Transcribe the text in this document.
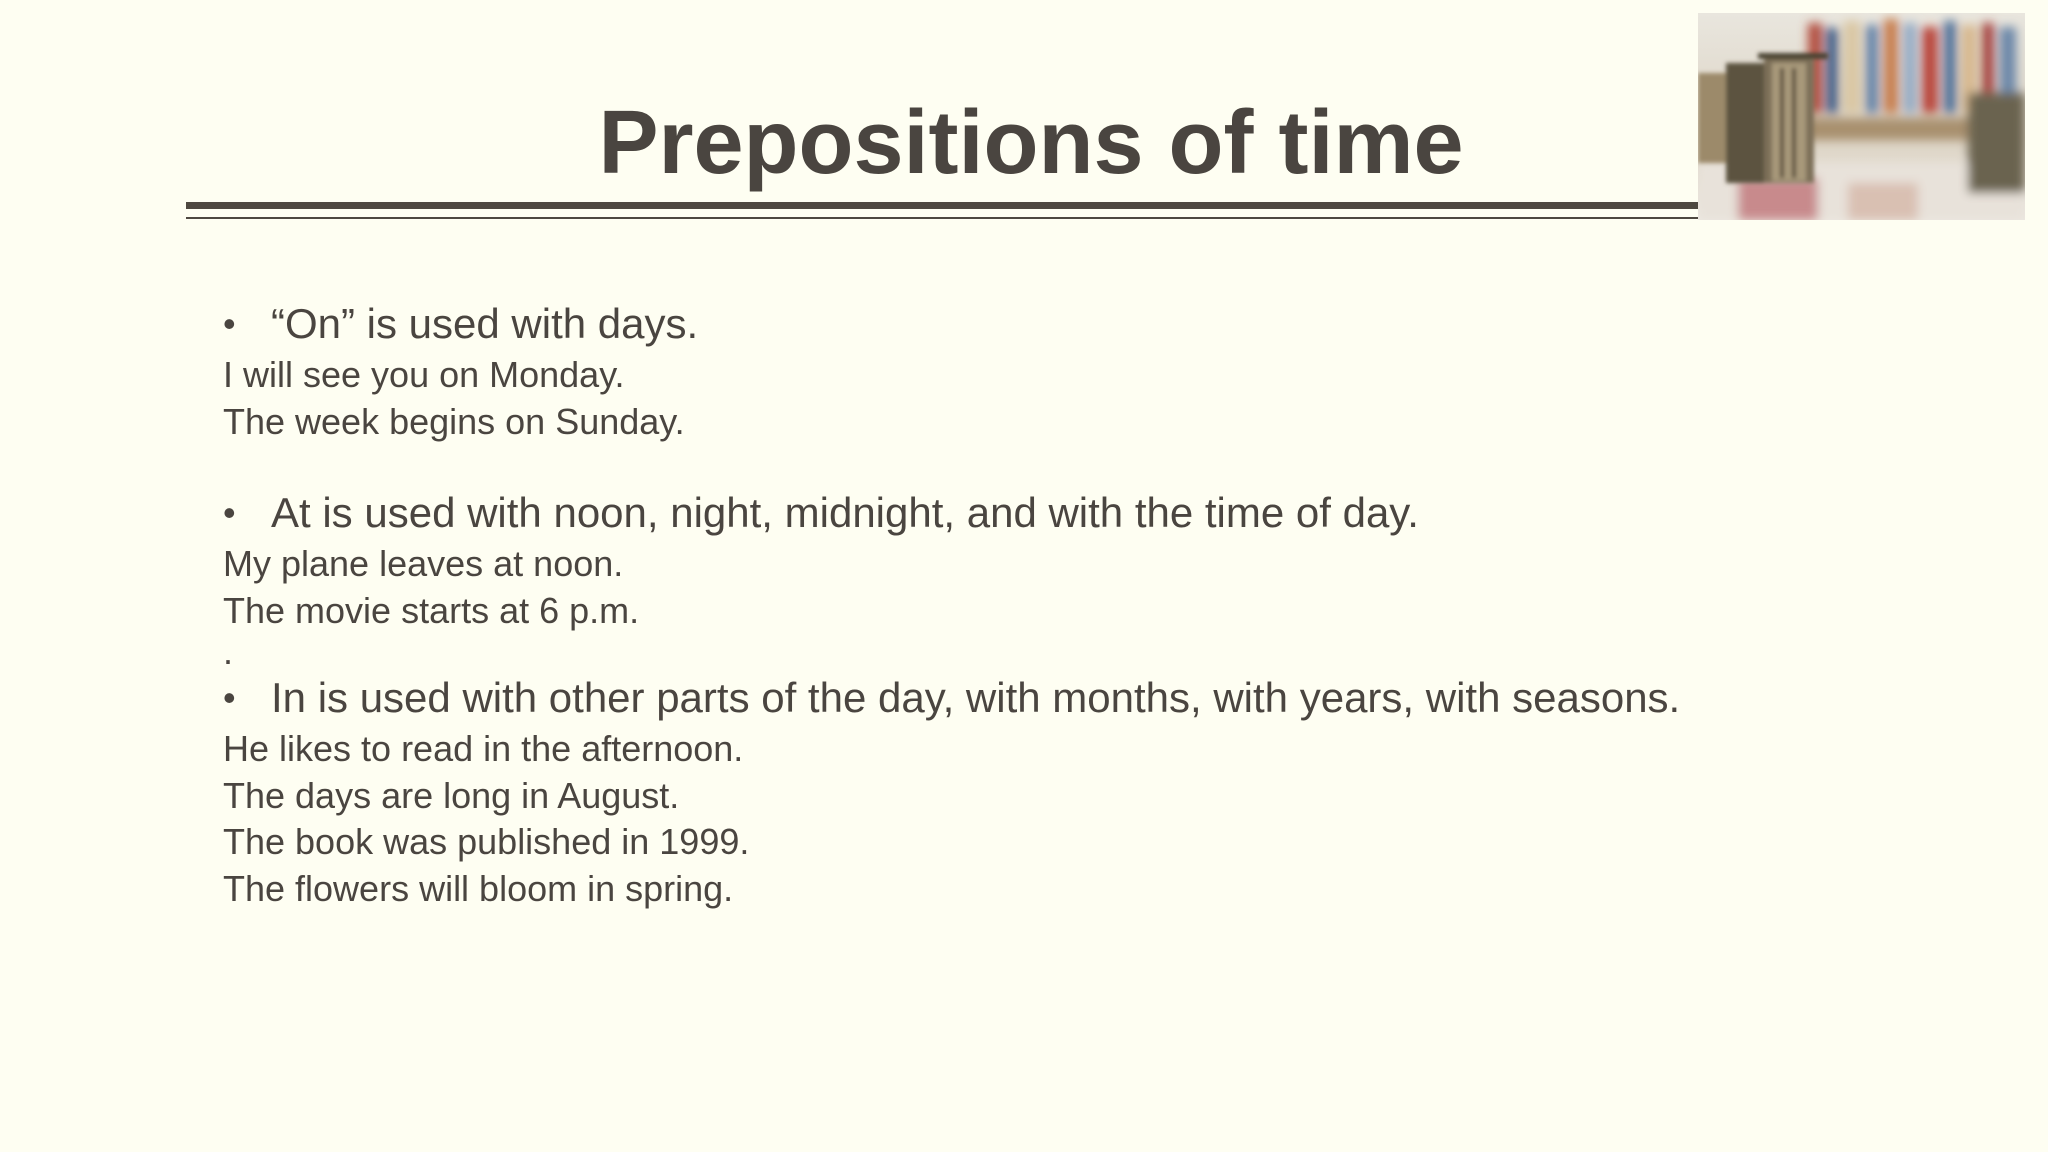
Prepositions of time
• “On” is used with days.
I will see you on Monday.
The week begins on Sunday.
• At is used with noon, night, midnight, and with the time of day.
My plane leaves at noon.
The movie starts at 6 p.m.
.
• In is used with other parts of the day, with months, with years, with seasons.
He likes to read in the afternoon.
The days are long in August.
The book was published in 1999.
The flowers will bloom in spring.
